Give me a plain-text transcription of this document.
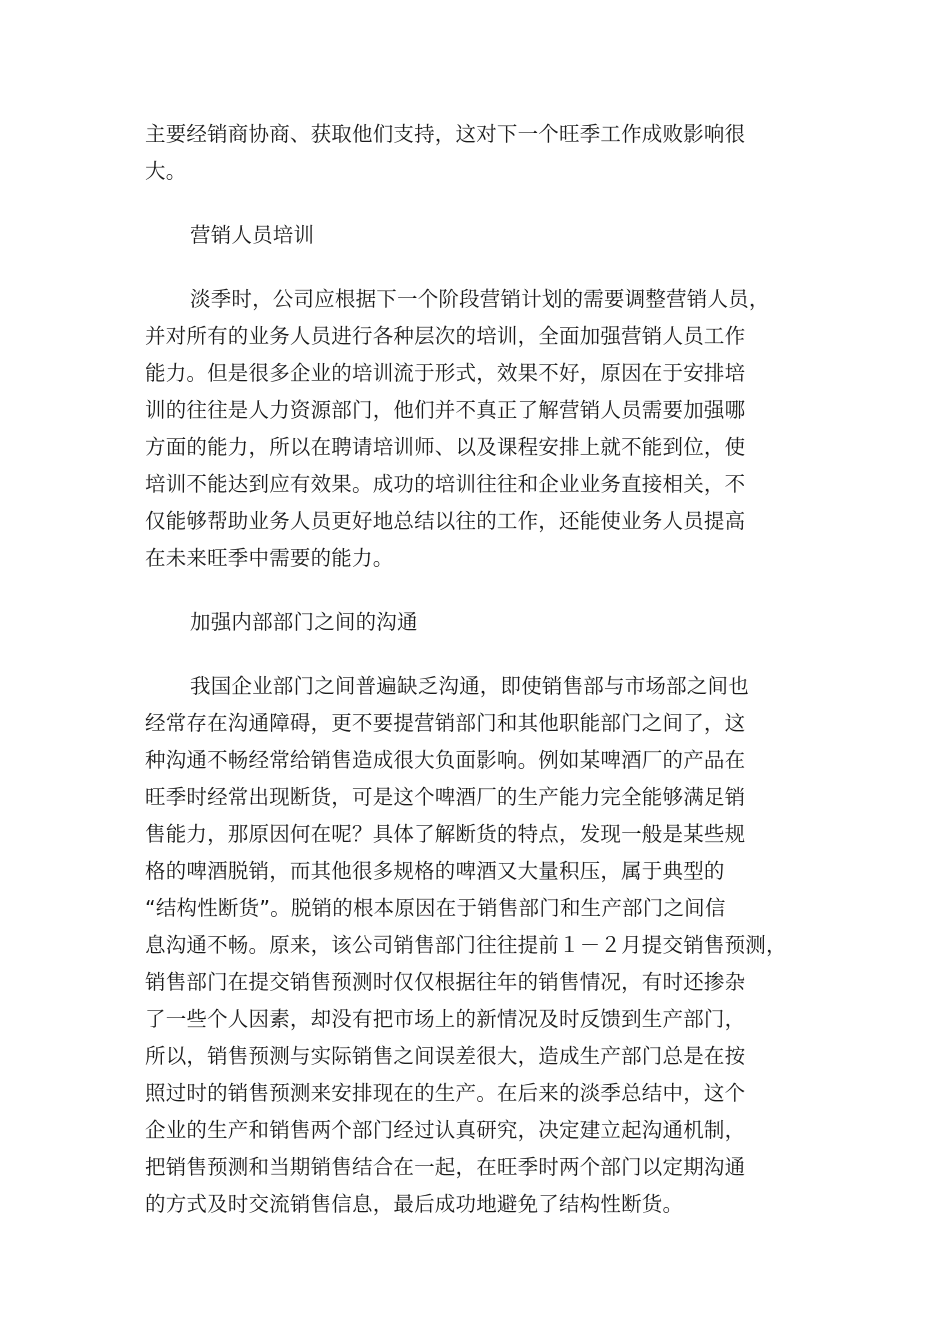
主要经销商协商、获取他们支持，这对下一个旺季工作成败影响很
大。
营销人员培训
淡季时，公司应根据下一个阶段营销计划的需要调整营销人员，
并对所有的业务人员进行各种层次的培训，全面加强营销人员工作
能力。但是很多企业的培训流于形式，效果不好，原因在于安排培
训的往往是人力资源部门，他们并不真正了解营销人员需要加强哪
方面的能力，所以在聘请培训师、以及课程安排上就不能到位，使
培训不能达到应有效果。成功的培训往往和企业业务直接相关，不
仅能够帮助业务人员更好地总结以往的工作，还能使业务人员提高
在未来旺季中需要的能力。
加强内部部门之间的沟通
我国企业部门之间普遍缺乏沟通，即使销售部与市场部之间也
经常存在沟通障碍，更不要提营销部门和其他职能部门之间了，这
种沟通不畅经常给销售造成很大负面影响。例如某啤酒厂的产品在
旺季时经常出现断货，可是这个啤酒厂的生产能力完全能够满足销
售能力，那原因何在呢？具体了解断货的特点，发现一般是某些规
格的啤酒脱销，而其他很多规格的啤酒又大量积压，属于典型的
“结构性断货”。脱销的根本原因在于销售部门和生产部门之间信
息沟通不畅。原来，该公司销售部门往往提前１－２月提交销售预测，
销售部门在提交销售预测时仅仅根据往年的销售情况，有时还掺杂
了一些个人因素，却没有把市场上的新情况及时反馈到生产部门，
所以，销售预测与实际销售之间误差很大，造成生产部门总是在按
照过时的销售预测来安排现在的生产。在后来的淡季总结中，这个
企业的生产和销售两个部门经过认真研究，决定建立起沟通机制，
把销售预测和当期销售结合在一起，在旺季时两个部门以定期沟通
的方式及时交流销售信息，最后成功地避免了结构性断货。
